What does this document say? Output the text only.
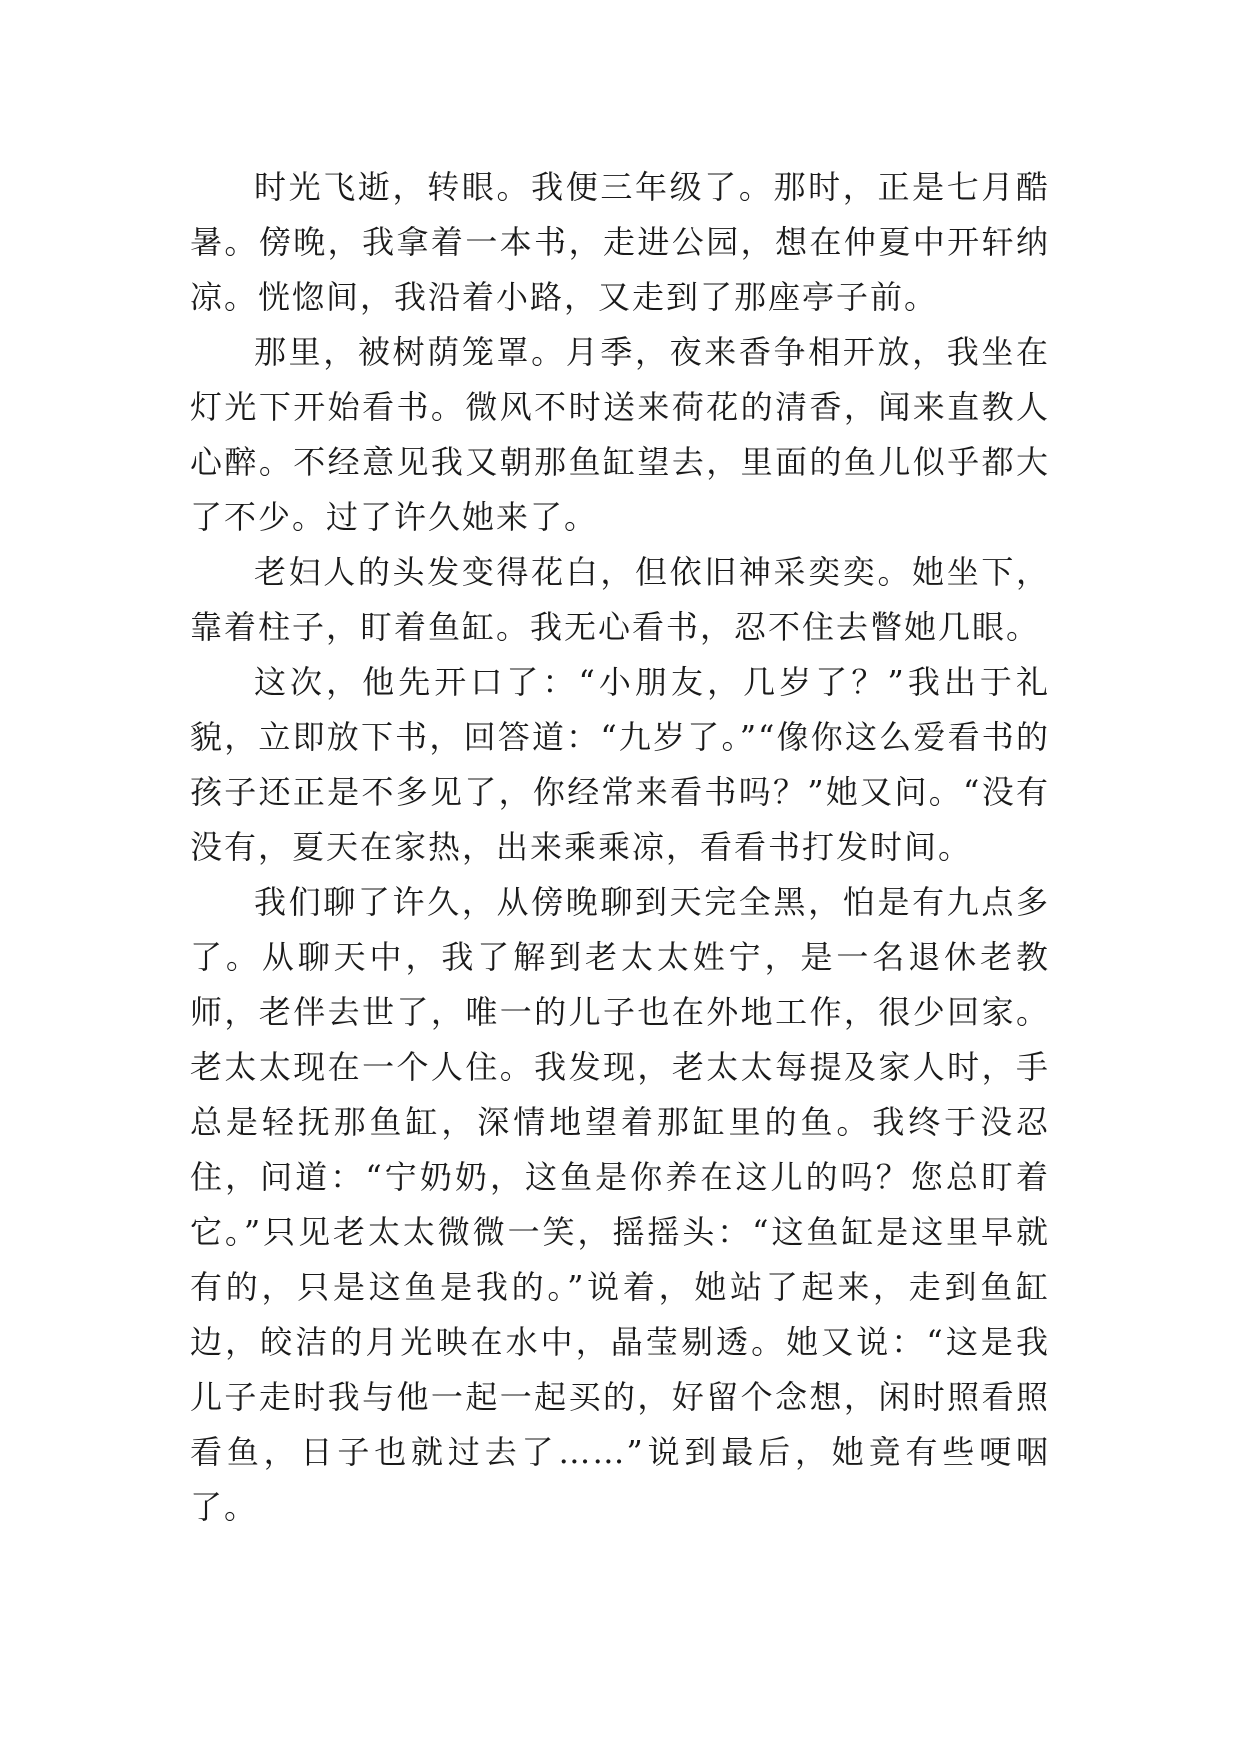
时光飞逝，转眼。我便三年级了。那时，正是七月酷暑。傍晚，我拿着一本书，走进公园，想在仲夏中开轩纳凉。恍惚间，我沿着小路，又走到了那座亭子前。

那里，被树荫笼罩。月季，夜来香争相开放，我坐在灯光下开始看书。微风不时送来荷花的清香，闻来直教人心醉。不经意见我又朝那鱼缸望去，里面的鱼儿似乎都大了不少。过了许久她来了。

老妇人的头发变得花白，但依旧神采奕奕。她坐下，靠着柱子，盯着鱼缸。我无心看书，忍不住去瞥她几眼。

这次，他先开口了：“小朋友，几岁了？”我出于礼貌，立即放下书，回答道：“九岁了。”“像你这么爱看书的孩子还正是不多见了，你经常来看书吗？”她又问。“没有没有，夏天在家热，出来乘乘凉，看看书打发时间。

我们聊了许久，从傍晚聊到天完全黑，怕是有九点多了。从聊天中，我了解到老太太姓宁，是一名退休老教师，老伴去世了，唯一的儿子也在外地工作，很少回家。老太太现在一个人住。我发现，老太太每提及家人时，手总是轻抚那鱼缸，深情地望着那缸里的鱼。我终于没忍住，问道：“宁奶奶，这鱼是你养在这儿的吗？您总盯着它。”只见老太太微微一笑，摇摇头：“这鱼缸是这里早就有的，只是这鱼是我的。”说着，她站了起来，走到鱼缸边，皎洁的月光映在水中，晶莹剔透。她又说：“这是我儿子走时我与他一起一起买的，好留个念想，闲时照看照看鱼，日子也就过去了……”说到最后，她竟有些哽咽了。
